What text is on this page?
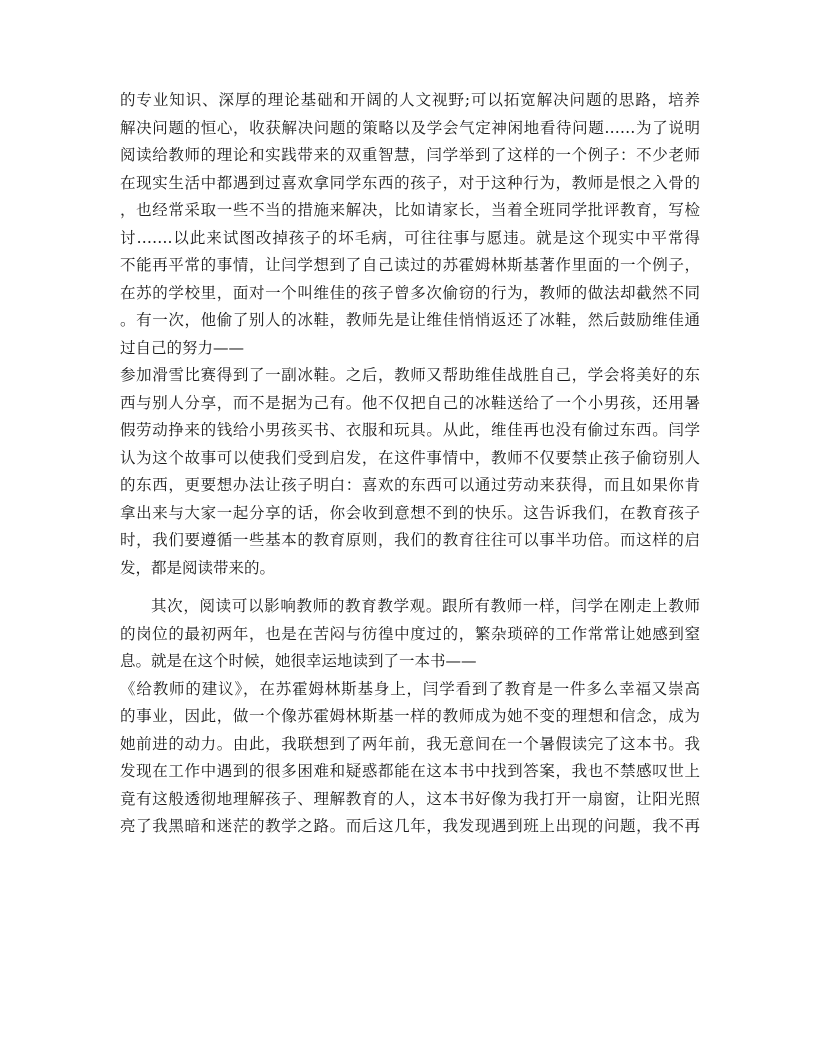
的专业知识、深厚的理论基础和开阔的人文视野;可以拓宽解决问题的思路，培养
解决问题的恒心，收获解决问题的策略以及学会气定神闲地看待问题……为了说明
阅读给教师的理论和实践带来的双重智慧，闫学举到了这样的一个例子：不少老师
在现实生活中都遇到过喜欢拿同学东西的孩子，对于这种行为，教师是恨之入骨的
，也经常采取一些不当的措施来解决，比如请家长，当着全班同学批评教育，写检
讨…….以此来试图改掉孩子的坏毛病，可往往事与愿违。就是这个现实中平常得
不能再平常的事情，让闫学想到了自己读过的苏霍姆林斯基著作里面的一个例子，
在苏的学校里，面对一个叫维佳的孩子曾多次偷窃的行为，教师的做法却截然不同
。有一次，他偷了别人的冰鞋，教师先是让维佳悄悄返还了冰鞋，然后鼓励维佳通
过自己的努力——
参加滑雪比赛得到了一副冰鞋。之后，教师又帮助维佳战胜自己，学会将美好的东
西与别人分享，而不是据为己有。他不仅把自己的冰鞋送给了一个小男孩，还用暑
假劳动挣来的钱给小男孩买书、衣服和玩具。从此，维佳再也没有偷过东西。闫学
认为这个故事可以使我们受到启发，在这件事情中，教师不仅要禁止孩子偷窃别人
的东西，更要想办法让孩子明白：喜欢的东西可以通过劳动来获得，而且如果你肯
拿出来与大家一起分享的话，你会收到意想不到的快乐。这告诉我们，在教育孩子
时，我们要遵循一些基本的教育原则，我们的教育往往可以事半功倍。而这样的启
发，都是阅读带来的。
其次，阅读可以影响教师的教育教学观。跟所有教师一样，闫学在刚走上教师
的岗位的最初两年，也是在苦闷与彷徨中度过的，繁杂琐碎的工作常常让她感到窒
息。就是在这个时候，她很幸运地读到了一本书——
《给教师的建议》，在苏霍姆林斯基身上，闫学看到了教育是一件多么幸福又崇高
的事业，因此，做一个像苏霍姆林斯基一样的教师成为她不变的理想和信念，成为
她前进的动力。由此，我联想到了两年前，我无意间在一个暑假读完了这本书。我
发现在工作中遇到的很多困难和疑惑都能在这本书中找到答案，我也不禁感叹世上
竟有这般透彻地理解孩子、理解教育的人，这本书好像为我打开一扇窗，让阳光照
亮了我黑暗和迷茫的教学之路。而后这几年，我发现遇到班上出现的问题，我不再
